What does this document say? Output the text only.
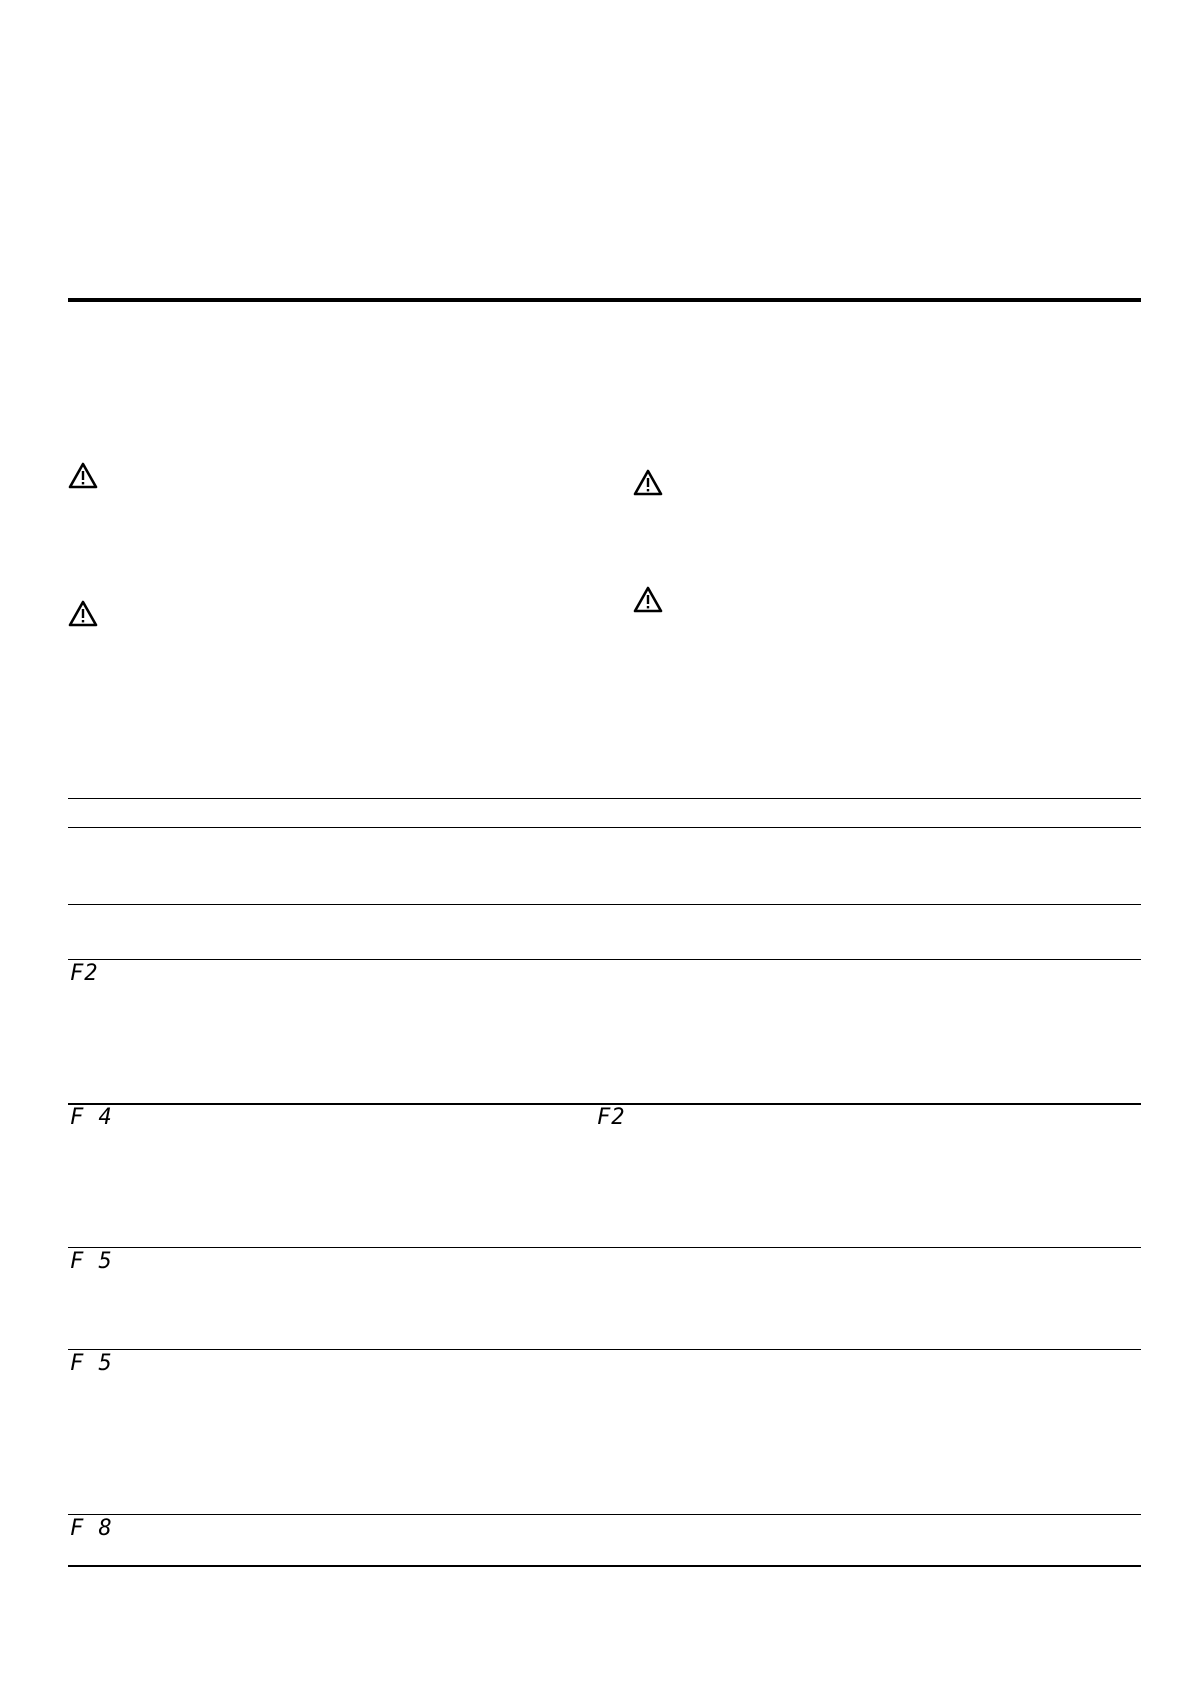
F2
F 4	F2
F 5
F 5
F 8
